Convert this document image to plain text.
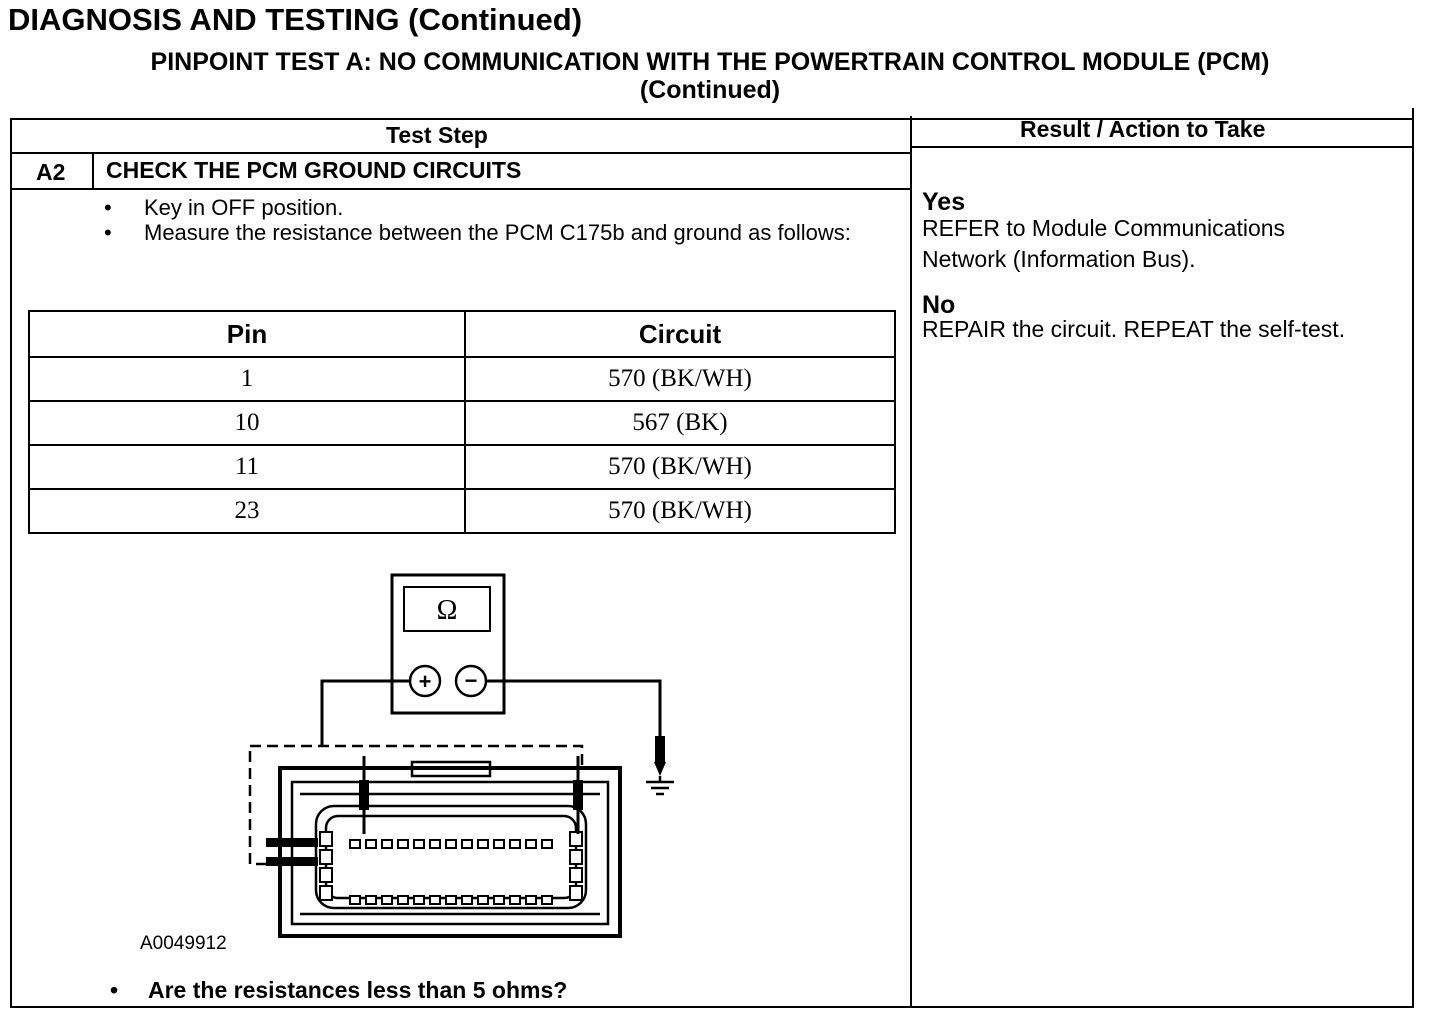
DIAGNOSIS AND TESTING (Continued)
PINPOINT TEST A: NO COMMUNICATION WITH THE POWERTRAIN CONTROL MODULE (PCM)
(Continued)
Test Step	Result / Action to Take
A2 CHECK THE PCM GROUND CIRCUITS
•	Key in OFF position.
•	Measure the resistance between the PCM C175b and ground as follows:
Pin	Circuit
1	570 (BK/WH)
10	567 (BK)
11	570 (BK/WH)
23	570 (BK/WH)
Ω
+ −
A0049912
• Are the resistances less than 5 ohms?
Yes
REFER to Module Communications
Network (Information Bus).
No
REPAIR the circuit. REPEAT the self-test.
